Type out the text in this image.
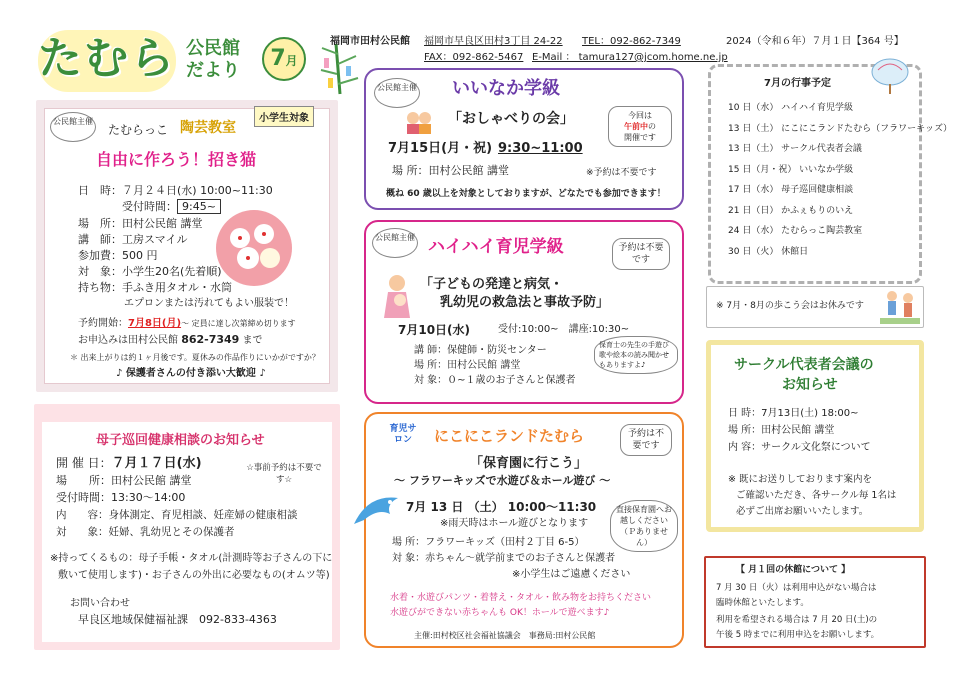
たむら 公民館
だより	7月
福岡市田村公民館 福岡市早良区田村3丁目 24-22 TEL：092-862-7349
FAX：092-862-5467 E-Mail ： tamura127@jcom.home.ne.jp
2024（令和６年）７月１日【364 号】
公民館主催	小学生対象
たむらっこ 陶芸教室
自由に作ろう！招き猫
日　時：７月２４日(水) 10:00~11:30
受付時間： 9:45~
場　所：田村公民館 講堂
講　師：工房スマイル
参加費：500 円
対　象：小学生20名(先着順)
持ち物：手ふき用タオル・水筒
エプロンまたは汚れてもよい服装で！
予約開始：7月8日(月)～ 定員に達し次第締め切ります
お申込みは田村公民館 862-7349 まで
＊ 出来上がりは約１ヶ月後です。夏休みの作品作りにいかがですか？
♪ 保護者さんの付き添い大歓迎 ♪
公民館主催 いいなか学級
「おしゃべりの会」	今回は
午前中の
開催です
7月15日(月・祝) 9:30~11:00
場 所：田村公民館 講堂	※予約は不要です
概ね 60 歳以上を対象としておりますが、どなたでも参加できます！
公民館主催 ハイハイ育児学級	予約は不要です
「子どもの発達と病気・
乳幼児の救急法と事故予防」
7月10日(水)	受付:10:00~　講座:10:30~
講 師：保健師・防災センター
場 所：田村公民館 講堂
対 象：０~１歳のお子さんと保護者
保育士の先生の手遊び歌や絵本の読み聞かせもありますよ♪
育児サロン	にこにこランドたむら	予約は不要です
「保育園に行こう」
～ フラワーキッズで水遊び＆ホール遊び ～
7月 13 日 （土） 10:00～11:30
※雨天時はホール遊びとなります
直接保育園へお越しください（Ｐありません）
場 所：フラワーキッズ（田村２丁目 6-5）
対 象：赤ちゃん～就学前までのお子さんと保護者
※小学生はご遠慮ください
水着・水遊びパンツ・着替え・タオル・飲み物をお持ちください
水遊びができない赤ちゃんも OK！ホールで遊べます♪
主催:田村校区社会福祉協議会　事務局:田村公民館
7月の行事予定
10 日（水） ハイハイ育児学級
13 日（土） にこにこランドたむら（フラワーキッズ）
13 日（土） サークル代表者会議
15 日（月・祝） いいなか学級
17 日（水） 母子巡回健康相談
21 日（日） かふぇもりのいえ
24 日（水） たむらっこ陶芸教室
30 日（火） 休館日
※ 7月・8月の歩こう会はお休みです
サークル代表者会議の
お知らせ
日 時：7月13日(土) 18:00~
場 所：田村公民館 講堂
内 容：サークル文化祭について
※ 既にお送りしております案内を
ご確認いただき、各サークル毎 1名は
必ずご出席お願いいたします。
【 月１回の休館について 】
7 月 30 日（火）は利用申込がない場合は
臨時休館といたします。
利用を希望される場合は 7 月 20 日(土)の
午後 5 時までに利用申込をお願いします。
母子巡回健康相談のお知らせ
開 催 日：７月１７日(水)	☆事前予約は不要です☆
場　　所：田村公民館 講堂
受付時間：13:30～14:00
内　　容：身体測定、育児相談、妊産婦の健康相談
対　　象：妊婦、乳幼児とその保護者
※持ってくるもの：母子手帳・タオル(計測時等お子さんの下に
敷いて使用します)・お子さんの外出に必要なもの(オムツ等)
お問い合わせ
早良区地域保健福祉課　092-833-4363
